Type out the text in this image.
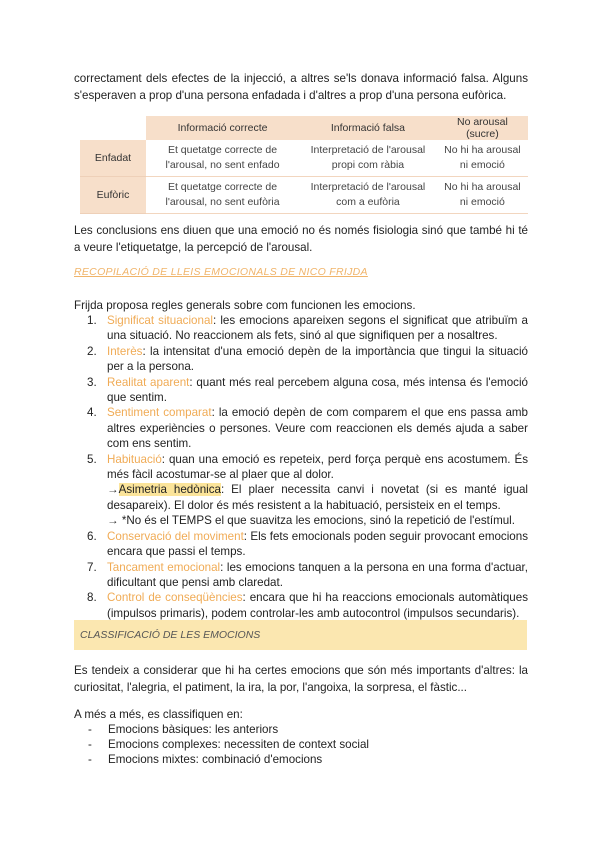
correctament dels efectes de la injecció, a altres se'ls donava informació falsa. Alguns s'esperaven a prop d'una persona enfadada i d'altres a prop d'una persona eufòrica.
	Informació correcte	Informació falsa	No arousal (sucre)
Enfadat	Et quetatge correcte de l'arousal, no sent enfado	Interpretació de l'arousal propi com ràbia	No hi ha arousal ni emoció
Eufòric	Et quetatge correcte de l'arousal, no sent eufòria	Interpretació de l'arousal com a eufòria	No hi ha arousal ni emoció
Les conclusions ens diuen que una emoció no és només fisiologia sinó que també hi té a veure l'etiquetatge, la percepció de l'arousal.
RECOPILACIÓ DE LLEIS EMOCIONALS DE NICO FRIJDA
Frijda proposa regles generals sobre com funcionen les emocions.
1. Significat situacional: les emocions apareixen segons el significat que atribuïm a una situació. No reaccionem als fets, sinó al que signifiquen per a nosaltres.
2. Interès: la intensitat d'una emoció depèn de la importància que tingui la situació per a la persona.
3. Realitat aparent: quant més real percebem alguna cosa, més intensa és l'emoció que sentim.
4. Sentiment comparat: la emoció depèn de com comparem el que ens passa amb altres experiències o persones. Veure com reaccionen els demés ajuda a saber com ens sentim.
5. Habituació: quan una emoció es repeteix, perd força perquè ens acostumem. És més fàcil acostumar-se al plaer que al dolor.
→Asimetria hedònica: El plaer necessita canvi i novetat (si es manté igual desapareix). El dolor és més resistent a la habituació, persisteix en el temps.
→ *No és el TEMPS el que suavitza les emocions, sinó la repetició de l'estímul.
6. Conservació del moviment: Els fets emocionals poden seguir provocant emocions encara que passi el temps.
7. Tancament emocional: les emocions tanquen a la persona en una forma d'actuar, dificultant que pensi amb claredat.
8. Control de conseqüències: encara que hi ha reaccions emocionals automàtiques (impulsos primaris), podem controlar-les amb autocontrol (impulsos secundaris).
CLASSIFICACIÓ DE LES EMOCIONS
Es tendeix a considerar que hi ha certes emocions que són més importants d'altres: la curiositat, l'alegria, el patiment, la ira, la por, l'angoixa, la sorpresa, el fàstic...
A més a més, es classifiquen en:
- Emocions bàsiques: les anteriors
- Emocions complexes: necessiten de context social
- Emocions mixtes: combinació d'emocions
